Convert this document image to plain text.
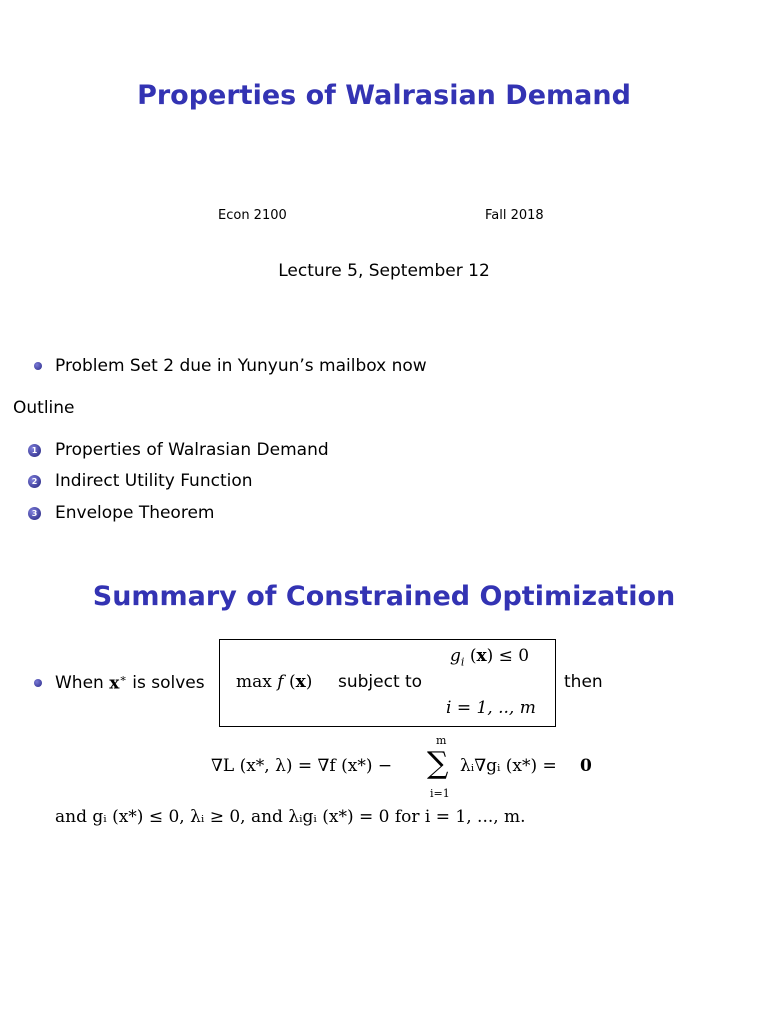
Properties of Walrasian Demand
Econ 2100	Fall 2018
Lecture 5, September 12
Problem Set 2 due in Yunyun’s mailbox now
Outline
1 Properties of Walrasian Demand
2 Indirect Utility Function
3 Envelope Theorem
Summary of Constrained Optimization
When x∗ is solves max f (x) subject to
$g_i$ (x) ≤ 0
i = 1, .., m
then
∇L (x*, λ) = ∇f (x*) −
m
∑
i=1
λᵢ∇gᵢ (x*) = 0
and gᵢ (x*) ≤ 0, λᵢ ≥ 0, and λᵢgᵢ (x*) = 0 for i = 1, ..., m.
